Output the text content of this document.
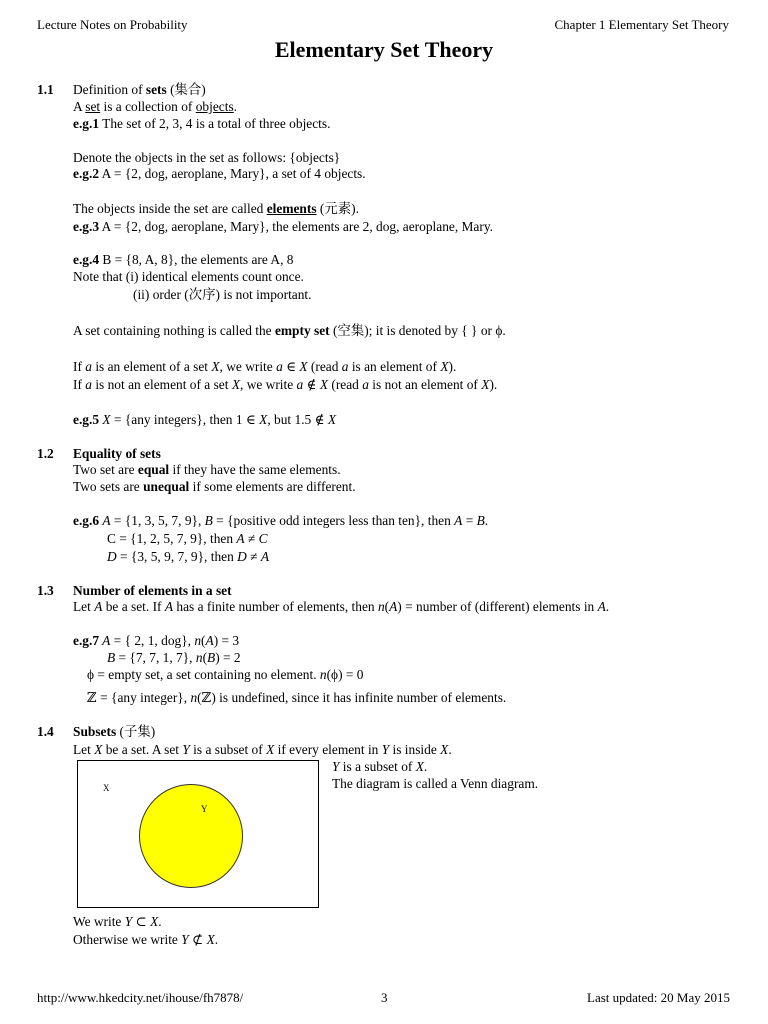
Lecture Notes on Probability	Chapter 1 Elementary Set Theory
Elementary Set Theory
1.1 Definition of sets (集合)
A set is a collection of objects.
e.g.1 The set of 2, 3, 4 is a total of three objects.
Denote the objects in the set as follows: {objects}
e.g.2 A = {2, dog, aeroplane, Mary}, a set of 4 objects.
The objects inside the set are called elements (元素).
e.g.3 A = {2, dog, aeroplane, Mary}, the elements are 2, dog, aeroplane, Mary.
e.g.4 B = {8, A, 8}, the elements are A, 8
Note that (i) identical elements count once.
(ii) order (次序) is not important.
A set containing nothing is called the empty set (空集); it is denoted by { } or ϕ.
If a is an element of a set X, we write a ∈ X (read a is an element of X).
If a is not an element of a set X, we write a ∉ X (read a is not an element of X).
e.g.5 X = {any integers}, then 1 ∈ X, but 1.5 ∉ X
1.2 Equality of sets
Two set are equal if they have the same elements.
Two sets are unequal if some elements are different.
e.g.6 A = {1, 3, 5, 7, 9}, B = {positive odd integers less than ten}, then A = B.
C = {1, 2, 5, 7, 9}, then A ≠ C
D = {3, 5, 9, 7, 9}, then D ≠ A
1.3 Number of elements in a set
Let A be a set. If A has a finite number of elements, then n(A) = number of (different) elements in A.
e.g.7 A = { 2, 1, dog}, n(A) = 3
B = {7, 7, 1, 7}, n(B) = 2
ϕ = empty set, a set containing no element. n(ϕ) = 0
ℤ = {any integer}, n(ℤ) is undefined, since it has infinite number of elements.
1.4 Subsets (子集)
Let X be a set. A set Y is a subset of X if every element in Y is inside X.
X
Y
Y is a subset of X.
The diagram is called a Venn diagram.
We write Y ⊂ X.
Otherwise we write Y ⊄ X.
http://www.hkedcity.net/ihouse/fh7878/	3	Last updated: 20 May 2015
